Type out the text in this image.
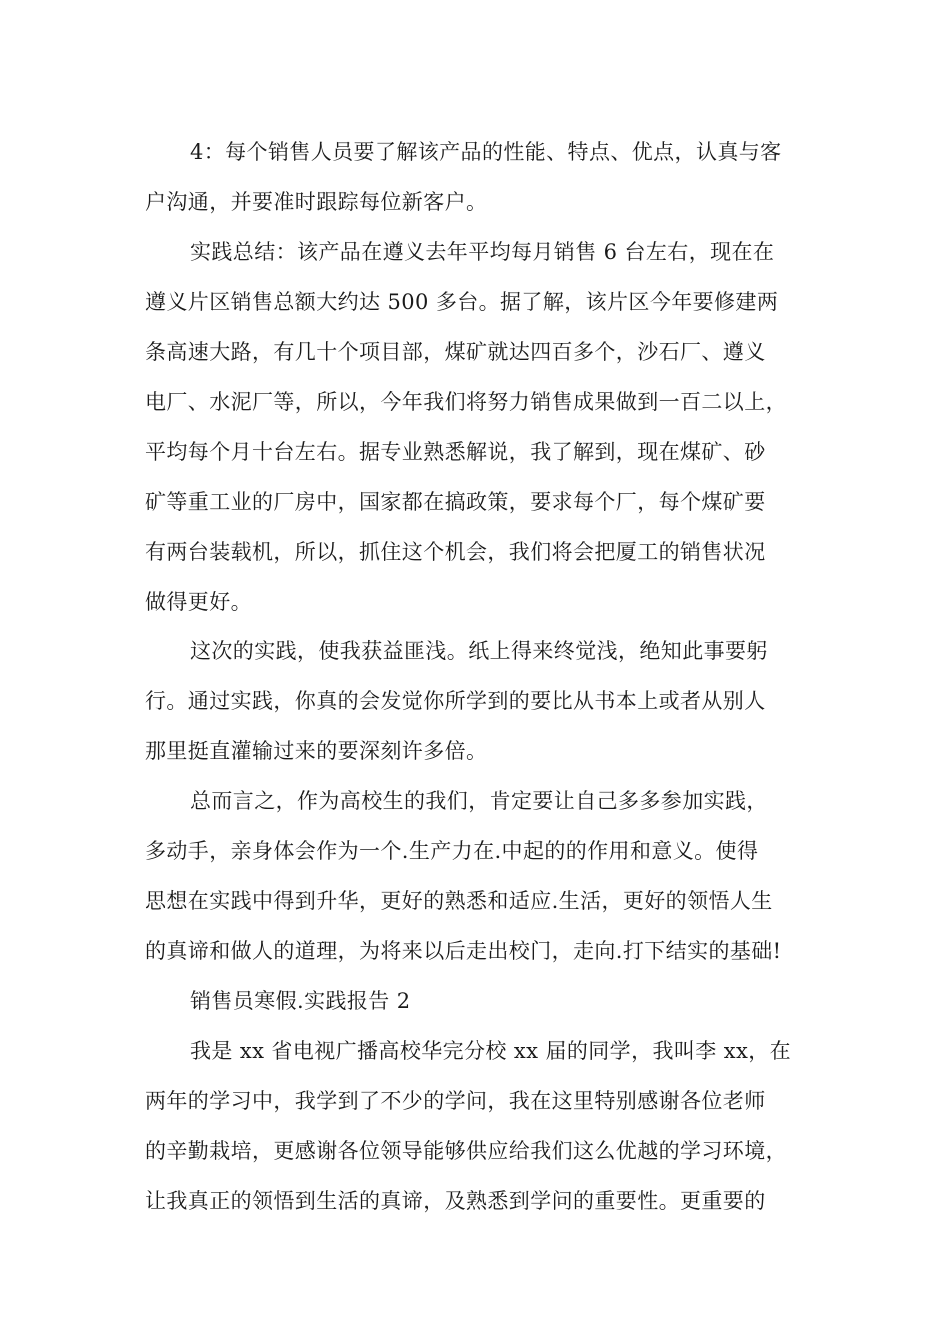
4：每个销售人员要了解该产品的性能、特点、优点，认真与客

户沟通，并要准时跟踪每位新客户。

实践总结：该产品在遵义去年平均每月销售 6 台左右，现在在

遵义片区销售总额大约达 500 多台。据了解，该片区今年要修建两

条高速大路，有几十个项目部，煤矿就达四百多个，沙石厂、遵义

电厂、水泥厂等，所以，今年我们将努力销售成果做到一百二以上，

平均每个月十台左右。据专业熟悉解说，我了解到，现在煤矿、砂

矿等重工业的厂房中，国家都在搞政策，要求每个厂，每个煤矿要

有两台装载机，所以，抓住这个机会，我们将会把厦工的销售状况

做得更好。

这次的实践，使我获益匪浅。纸上得来终觉浅，绝知此事要躬

行。通过实践，你真的会发觉你所学到的要比从书本上或者从别人

那里挺直灌输过来的要深刻许多倍。

总而言之，作为高校生的我们，肯定要让自己多多参加实践，

多动手，亲身体会作为一个.生产力在.中起的的作用和意义。使得

思想在实践中得到升华，更好的熟悉和适应.生活，更好的领悟人生

的真谛和做人的道理，为将来以后走出校门，走向.打下结实的基础!

销售员寒假.实践报告 2

我是 xx 省电视广播高校华完分校 xx 届的同学，我叫李 xx，在

两年的学习中，我学到了不少的学问，我在这里特别感谢各位老师

的辛勤栽培，更感谢各位领导能够供应给我们这么优越的学习环境，

让我真正的领悟到生活的真谛，及熟悉到学问的重要性。更重要的
